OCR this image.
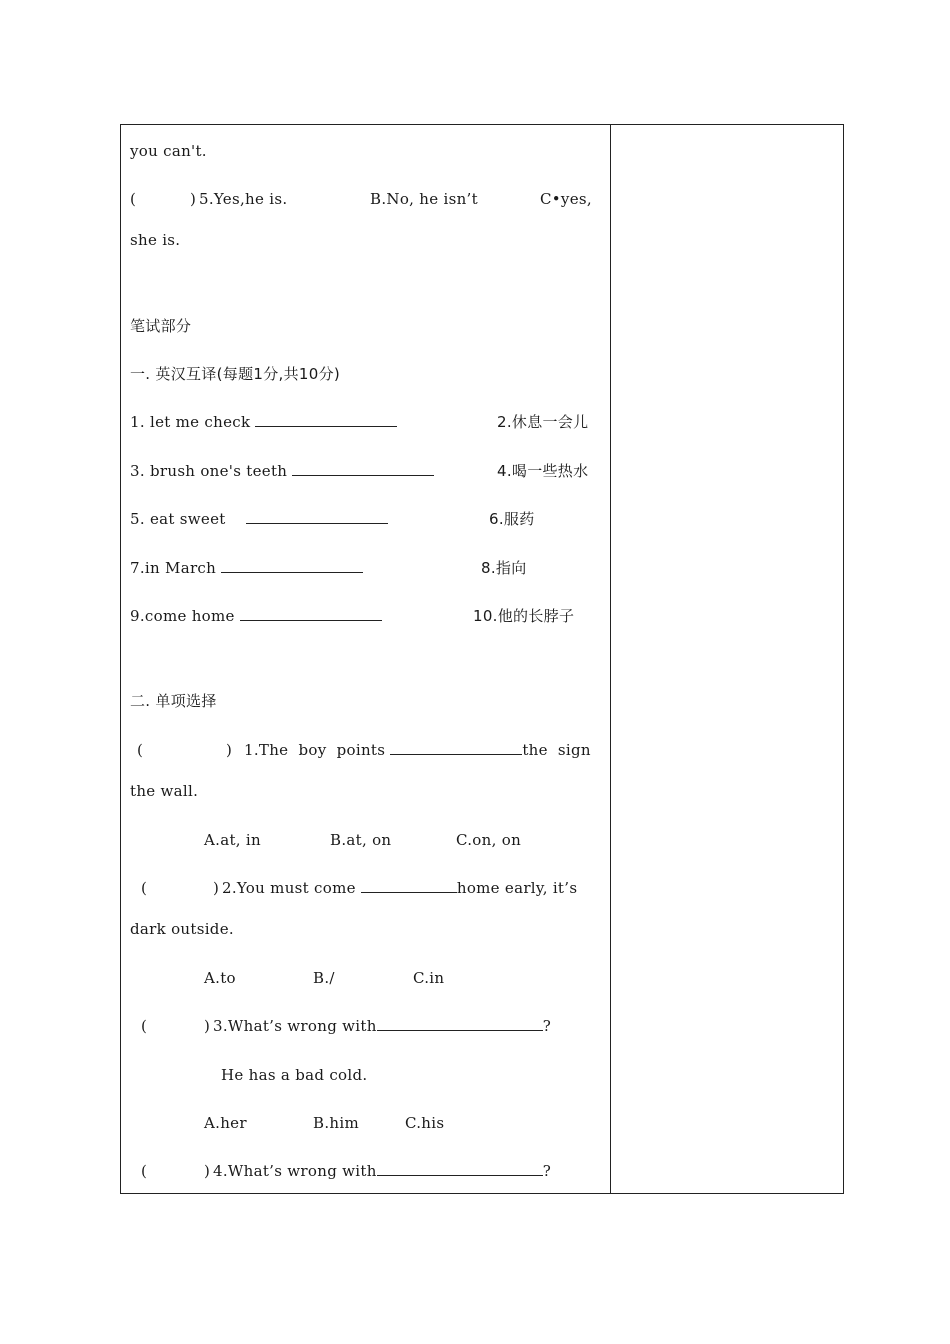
you can't.
(	) 5.Yes,he is.	B.No, he isn’t	C•yes,
she is.
笔试部分
一. 英汉互译(每题1分,共10分)
1. let me check	2.休息一会儿
3. brush one's teeth	4.喝一些热水
5. eat sweet	6.服药
7.in March	8.指向
9.come home	10.他的长脖子
二. 单项选择
(	) 1.The  boy  points	the  sign
the wall.
A.at, in	B.at, on	C.on, on
(	) 2.You must come	home early, it’s
dark outside.
A.to	B./	C.in
(	) 3.What’s wrong with	?
He has a bad cold.
A.her	B.him	C.his
(	) 4.What’s wrong with	?
